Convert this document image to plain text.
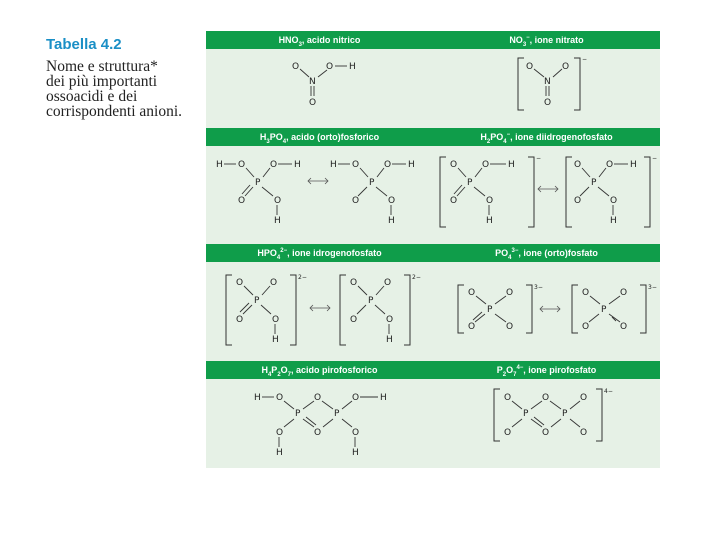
Tabella 4.2
Nome e struttura*
dei più importanti
ossoacidi e dei
corrispondenti anioni.
$HNO_3$, acido nitrico	$NO_3^-$, ione nitrato
$H_3PO_4$, acido (orto)fosforico	$H_2PO_4^-$, ione diidrogenofosfato
$HPO_4^{2-}$, ione idrogenofosfato	$PO_4^{3-}$, ione (orto)fosfato
$H_4P_2O_7$, acido pirofosforico	$P_2O_7^{4-}$, ione pirofosfato
O
N
O H
O
−
O
N
O
O
H O	O H
P
O	O
H
H O	O H
P
O	O
H
−
O	O H
P
O	O
H
−
O	O H
P
O	O
H
2−
O	O
P
O	O
H
2−
O	O
P
O	O
H
3−
O	O
P
O	O
3−
O	O
P
O	O
H O	O	O H
P	P
O	O	O
H	H
4−
O	O	O
P	P
O	O	O
